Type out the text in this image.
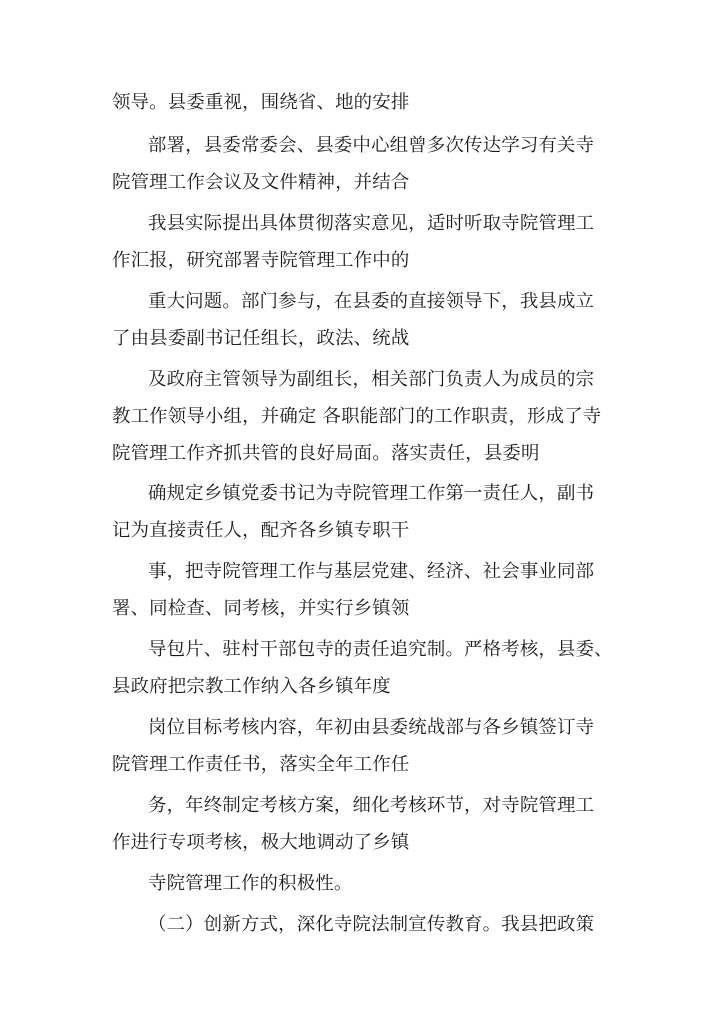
领导。县委重视，围绕省、地的安排
部署，县委常委会、县委中心组曾多次传达学习有关寺
院管理工作会议及文件精神，并结合
我县实际提出具体贯彻落实意见，适时听取寺院管理工
作汇报，研究部署寺院管理工作中的
重大问题。部门参与，在县委的直接领导下，我县成立
了由县委副书记任组长，政法、统战
及政府主管领导为副组长，相关部门负责人为成员的宗
教工作领导小组，并确定 各职能部门的工作职责，形成了寺
院管理工作齐抓共管的良好局面。落实责任，县委明
确规定乡镇党委书记为寺院管理工作第一责任人，副书
记为直接责任人，配齐各乡镇专职干
事，把寺院管理工作与基层党建、经济、社会事业同部
署、同检查、同考核，并实行乡镇领
导包片、驻村干部包寺的责任追究制。严格考核，县委、
县政府把宗教工作纳入各乡镇年度
岗位目标考核内容，年初由县委统战部与各乡镇签订寺
院管理工作责任书，落实全年工作任
务，年终制定考核方案，细化考核环节，对寺院管理工
作进行专项考核，极大地调动了乡镇
寺院管理工作的积极性。
（二）创新方式，深化寺院法制宣传教育。我县把政策
